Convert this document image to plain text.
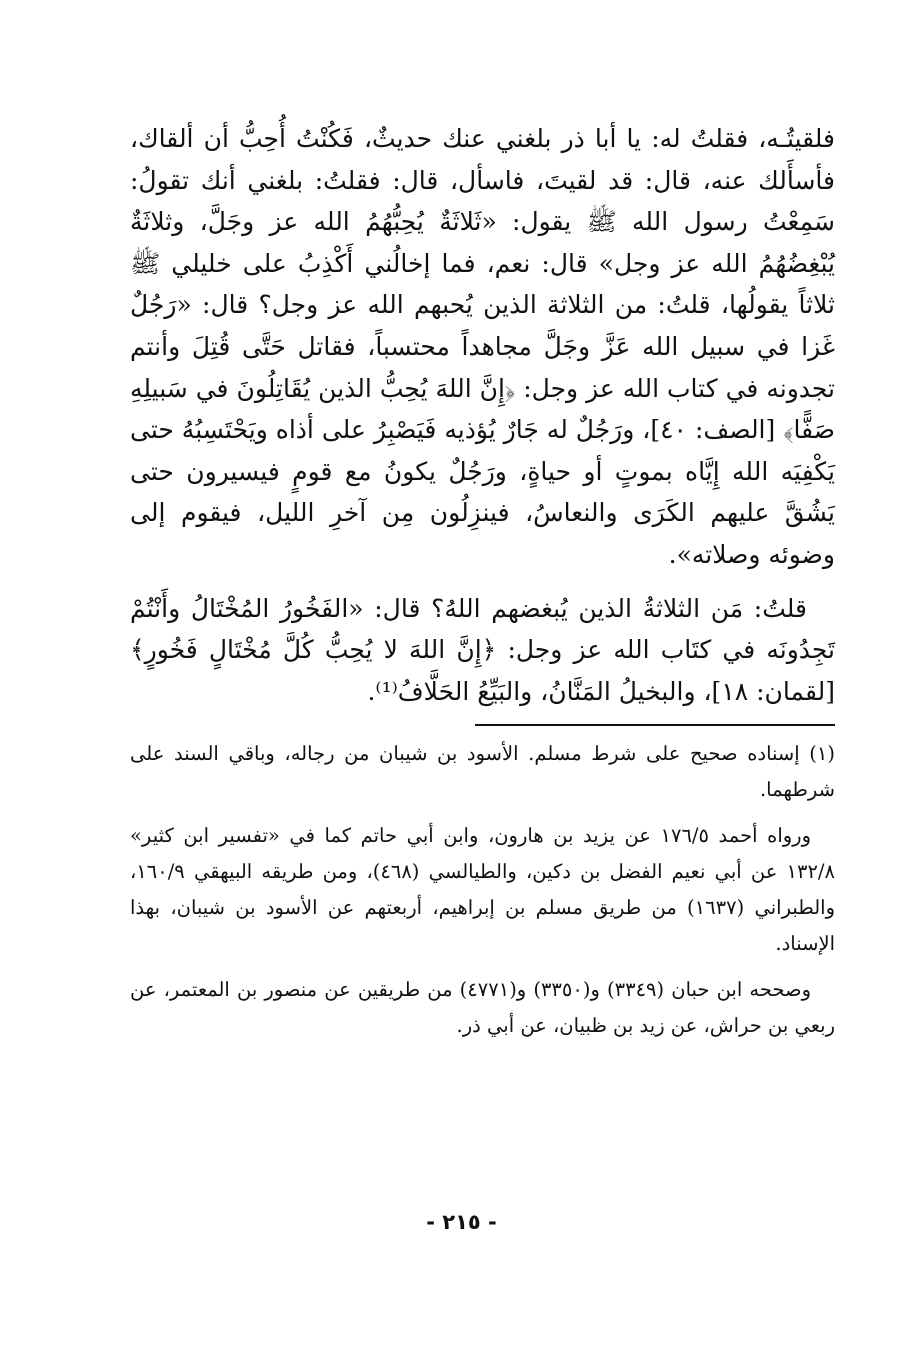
فلقيتُـه، فقلتُ له: يا أبا ذر بلغني عنك حديثٌ، فَكُنْتُ أُحِبُّ أن ألقاك، فأسأَلك عنه، قال: قد لقيتَ، فاسأل، قال: فقلتُ: بلغني أنك تقولُ: سَمِعْتُ رسول الله ﷺ يقول: «ثَلاثَةٌ يُحِبُّهُمُ الله عز وجَلَّ، وثلاثَةٌ يُبْغِضُهُمُ الله عز وجل» قال: نعم، فما إخالُني أَكْذِبُ على خليلي ﷺ ثلاثاً يقولُها، قلتُ: من الثلاثة الذين يُحبهم الله عز وجل؟ قال: «رَجُلٌ غَزا في سبيل الله عَزَّ وجَلَّ مجاهداً محتسباً، فقاتل حَتَّى قُتِلَ وأنتم تجدونه في كتاب الله عز وجل: ﴿إِنَّ اللهَ يُحِبُّ الذين يُقَاتِلُونَ في سَبيلِهِ صَفًّا﴾ [الصف: ٤٠]، ورَجُلٌ له جَارٌ يُؤذيه فَيَصْبِرُ على أذاه ويَحْتَسِبُهُ حتى يَكْفِيَه الله إِيَّاه بموتٍ أو حياةٍ، ورَجُلٌ يكونُ مع قومٍ فيسيرون حتى يَشُقَّ عليهم الكَرَى والنعاسُ، فينزِلُون مِن آخرِ الليل، فيقوم إلى وضوئه وصلاته».

قلتُ: مَن الثلاثةُ الذين يُبغضهم اللهُ؟ قال: «الفَخُورُ المُخْتَالُ وأَنْتُمْ تَجِدُونَه في كتَاب الله عز وجل: ﴿إِنَّ اللهَ لا يُحِبُّ كُلَّ مُخْتَالٍ فَخُورٍ﴾ [لقمان: ١٨]، والبخيلُ المَنَّانُ، والبَيِّعُ الحَلَّافُ⁽¹⁾.

(١) إسناده صحيح على شرط مسلم. الأسود بن شيبان من رجاله، وباقي السند على شرطهما.

ورواه أحمد ١٧٦/٥ عن يزيد بن هارون، وابن أبي حاتم كما في «تفسير ابن كثير» ١٣٢/٨ عن أبي نعيم الفضل بن دكين، والطيالسي (٤٦٨)، ومن طريقه البيهقي ١٦٠/٩، والطبراني (١٦٣٧) من طريق مسلم بن إبراهيم، أربعتهم عن الأسود بن شيبان، بهذا الإسناد.

وصححه ابن حبان (٣٣٤٩) و(٣٣٥٠) و(٤٧٧١) من طريقين عن منصور بن المعتمر، عن ربعي بن حراش، عن زيد بن ظبيان، عن أبي ذر.

- ٢١٥ -
